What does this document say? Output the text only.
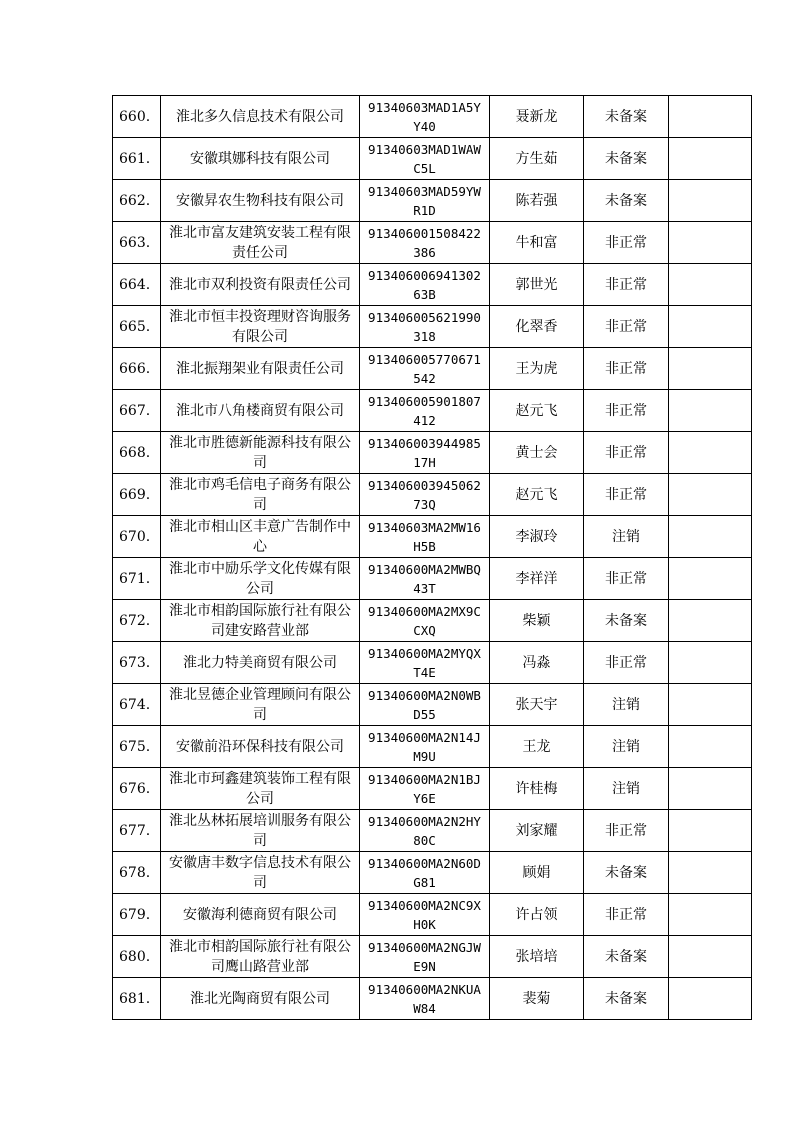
660.	淮北多久信息技术有限公司	91340603MAD1A5YY40	聂新龙	未备案	
661.	安徽琪娜科技有限公司	91340603MAD1WAWC5L	方生茹	未备案	
662.	安徽昇农生物科技有限公司	91340603MAD59YWR1D	陈若强	未备案	
663.	淮北市富友建筑安装工程有限责任公司	913406001508422386	牛和富	非正常	
664.	淮北市双利投资有限责任公司	91340600694130263B	郭世光	非正常	
665.	淮北市恒丰投资理财咨询服务有限公司	913406005621990318	化翠香	非正常	
666.	淮北振翔架业有限责任公司	913406005770671542	王为虎	非正常	
667.	淮北市八角楼商贸有限公司	913406005901807412	赵元飞	非正常	
668.	淮北市胜德新能源科技有限公司	91340600394498517H	黄士会	非正常	
669.	淮北市鸡毛信电子商务有限公司	91340600394506273Q	赵元飞	非正常	
670.	淮北市相山区丰意广告制作中心	91340603MA2MW16H5B	李淑玲	注销	
671.	淮北市中励乐学文化传媒有限公司	91340600MA2MWBQ43T	李祥洋	非正常	
672.	淮北市相韵国际旅行社有限公司建安路营业部	91340600MA2MX9CCXQ	柴颖	未备案	
673.	淮北力特美商贸有限公司	91340600MA2MYQXT4E	冯淼	非正常	
674.	淮北昱德企业管理顾问有限公司	91340600MA2N0WBD55	张天宇	注销	
675.	安徽前沿环保科技有限公司	91340600MA2N14JM9U	王龙	注销	
676.	淮北市珂鑫建筑装饰工程有限公司	91340600MA2N1BJY6E	许桂梅	注销	
677.	淮北丛林拓展培训服务有限公司	91340600MA2N2HY80C	刘家耀	非正常	
678.	安徽唐丰数字信息技术有限公司	91340600MA2N60DG81	顾娟	未备案	
679.	安徽海利德商贸有限公司	91340600MA2NC9XH0K	许占领	非正常	
680.	淮北市相韵国际旅行社有限公司鹰山路营业部	91340600MA2NGJWE9N	张培培	未备案	
681.	淮北光陶商贸有限公司	91340600MA2NKUAW84	裴菊	未备案	
